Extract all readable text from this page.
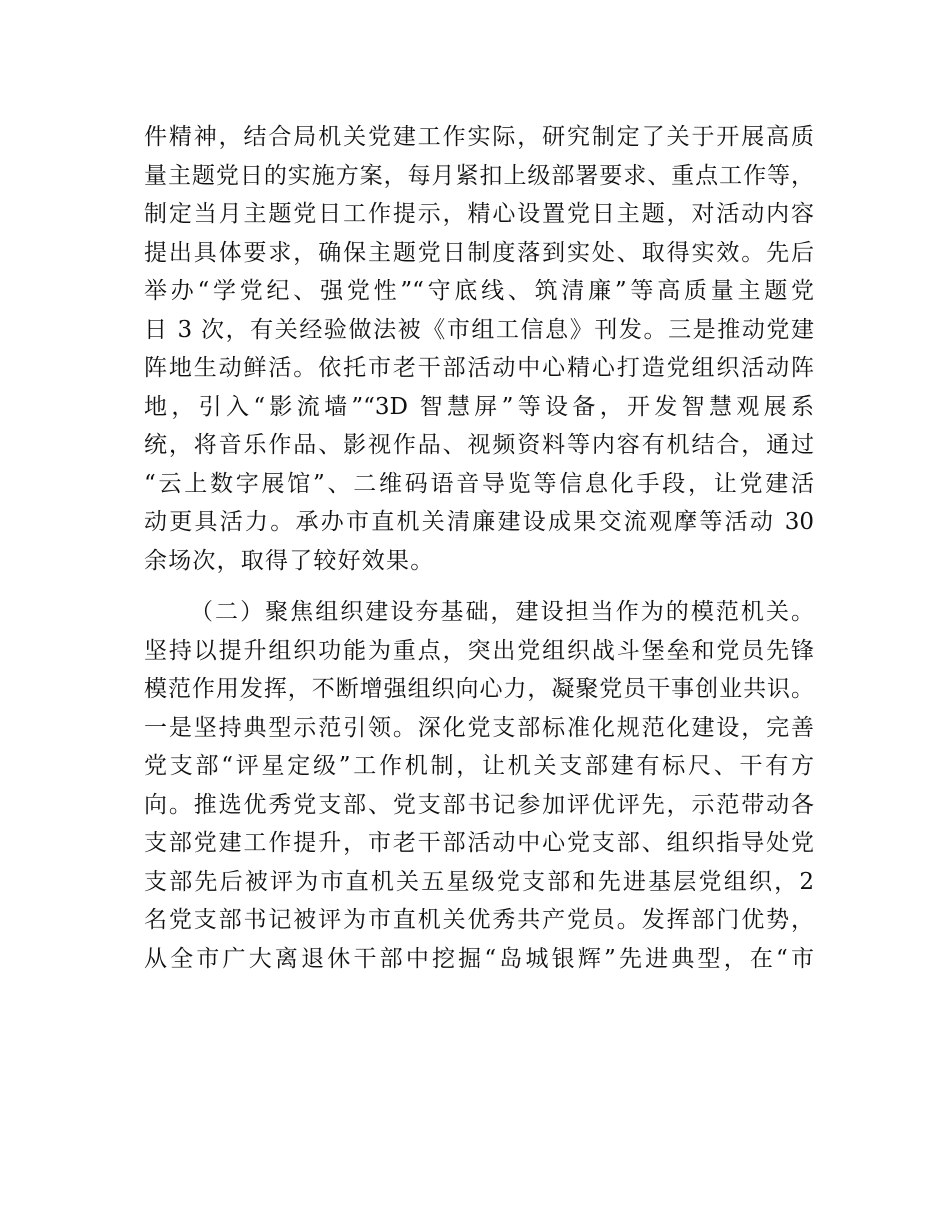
件精神，结合局机关党建工作实际，研究制定了关于开展高质
量主题党日的实施方案，每月紧扣上级部署要求、重点工作等，
制定当月主题党日工作提示，精心设置党日主题，对活动内容
提出具体要求，确保主题党日制度落到实处、取得实效。先后
举办“学党纪、强党性”“守底线、筑清廉”等高质量主题党
日 3 次，有关经验做法被《市组工信息》刊发。三是推动党建
阵地生动鲜活。依托市老干部活动中心精心打造党组织活动阵
地，引入“影流墙”“3D 智慧屏”等设备，开发智慧观展系
统，将音乐作品、影视作品、视频资料等内容有机结合，通过
“云上数字展馆”、二维码语音导览等信息化手段，让党建活
动更具活力。承办市直机关清廉建设成果交流观摩等活动 30
余场次，取得了较好效果。
（二）聚焦组织建设夯基础，建设担当作为的模范机关。
坚持以提升组织功能为重点，突出党组织战斗堡垒和党员先锋
模范作用发挥，不断增强组织向心力，凝聚党员干事创业共识。
一是坚持典型示范引领。深化党支部标准化规范化建设，完善
党支部“评星定级”工作机制，让机关支部建有标尺、干有方
向。推选优秀党支部、党支部书记参加评优评先，示范带动各
支部党建工作提升，市老干部活动中心党支部、组织指导处党
支部先后被评为市直机关五星级党支部和先进基层党组织，2
名党支部书记被评为市直机关优秀共产党员。发挥部门优势，
从全市广大离退休干部中挖掘“岛城银辉”先进典型，在“市
